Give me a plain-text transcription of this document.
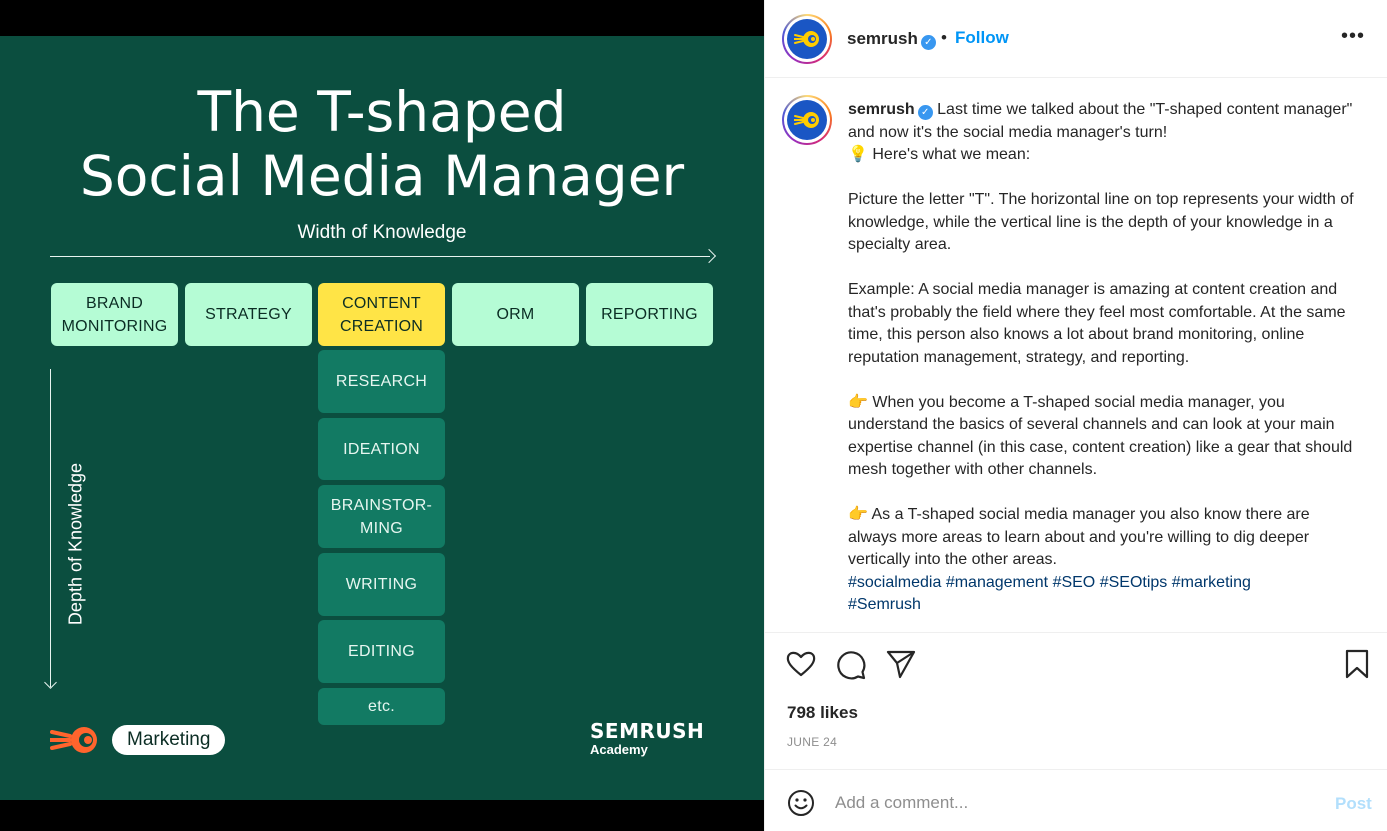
The T-shaped
Social Media Manager
Width of Knowledge
BRAND
MONITORING
STRATEGY
CONTENT
CREATION
ORM	REPORTING
RESEARCH
IDEATION
BRAINSTOR-
MING
WRITING
EDITING
etc.
Depth of Knowledge
Marketing	SEMRUSH
Academy
semrush ✓ • Follow	•••
semrush ✓ Last time we talked about the "T-shaped content manager" and now it's the social media manager's turn!
💡 Here's what we mean:

Picture the letter "T". The horizontal line on top represents your width of knowledge, while the vertical line is the depth of your knowledge in a specialty area.

Example: A social media manager is amazing at content creation and that's probably the field where they feel most comfortable. At the same time, this person also knows a lot about brand monitoring, online reputation management, strategy, and reporting.

👉 When you become a T-shaped social media manager, you understand the basics of several channels and can look at your main expertise channel (in this case, content creation) like a gear that should mesh together with other channels.

👉 As a T-shaped social media manager you also know there are always more areas to learn about and you're willing to dig deeper vertically into the other areas.
#socialmedia #management #SEO #SEOtips #marketing
#Semrush
798 likes
JUNE 24
Add a comment...
Post
